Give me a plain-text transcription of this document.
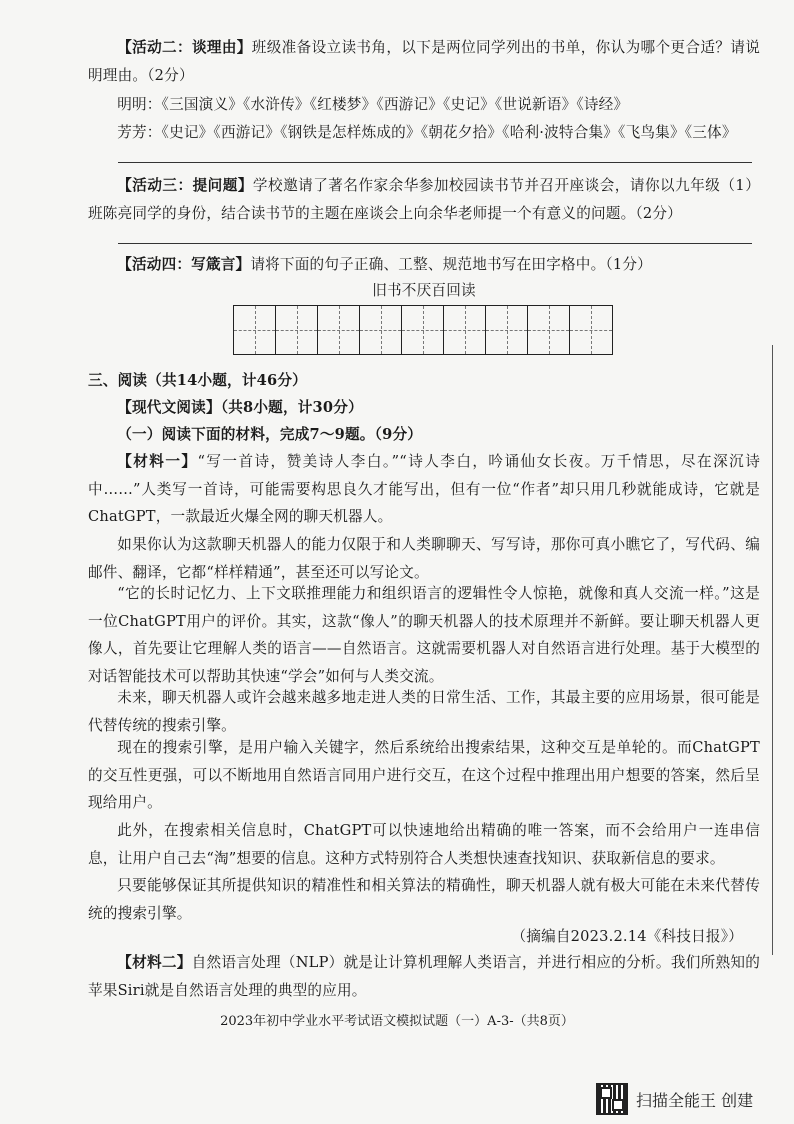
【活动二：谈理由】班级准备设立读书角，以下是两位同学列出的书单，你认为哪个更合适？请说明理由。（2分）

明明：《三国演义》《水浒传》《红楼梦》《西游记》《史记》《世说新语》《诗经》

芳芳：《史记》《西游记》《钢铁是怎样炼成的》《朝花夕拾》《哈利·波特合集》《飞鸟集》《三体》

【活动三：提问题】学校邀请了著名作家余华参加校园读书节并召开座谈会，请你以九年级（1）班陈亮同学的身份，结合读书节的主题在座谈会上向余华老师提一个有意义的问题。（2分）

【活动四：写箴言】请将下面的句子正确、工整、规范地书写在田字格中。（1分）

旧书不厌百回读

三、阅读（共14小题，计46分）

【现代文阅读】（共8小题，计30分）

（一）阅读下面的材料，完成7～9题。（9分）

【材料一】“写一首诗，赞美诗人李白。”“诗人李白，吟诵仙女长夜。万千情思，尽在深沉诗中……”人类写一首诗，可能需要构思良久才能写出，但有一位“作者”却只用几秒就能成诗，它就是ChatGPT，一款最近火爆全网的聊天机器人。

如果你认为这款聊天机器人的能力仅限于和人类聊聊天、写写诗，那你可真小瞧它了，写代码、编邮件、翻译，它都“样样精通”，甚至还可以写论文。

“它的长时记忆力、上下文联推理能力和组织语言的逻辑性令人惊艳，就像和真人交流一样。”这是一位ChatGPT用户的评价。其实，这款“像人”的聊天机器人的技术原理并不新鲜。要让聊天机器人更像人，首先要让它理解人类的语言——自然语言。这就需要机器人对自然语言进行处理。基于大模型的对话智能技术可以帮助其快速“学会”如何与人类交流。

未来，聊天机器人或许会越来越多地走进人类的日常生活、工作，其最主要的应用场景，很可能是代替传统的搜索引擎。

现在的搜索引擎，是用户输入关键字，然后系统给出搜索结果，这种交互是单轮的。而ChatGPT的交互性更强，可以不断地用自然语言同用户进行交互，在这个过程中推理出用户想要的答案，然后呈现给用户。

此外，在搜索相关信息时，ChatGPT可以快速地给出精确的唯一答案，而不会给用户一连串信息，让用户自己去“淘”想要的信息。这种方式特别符合人类想快速查找知识、获取新信息的要求。

只要能够保证其所提供知识的精准性和相关算法的精确性，聊天机器人就有极大可能在未来代替传统的搜索引擎。

（摘编自2023.2.14《科技日报》）

【材料二】自然语言处理（NLP）就是让计算机理解人类语言，并进行相应的分析。我们所熟知的苹果Siri就是自然语言处理的典型的应用。

2023年初中学业水平考试语文模拟试题（一）A-3-（共8页）
扫描全能王 创建
